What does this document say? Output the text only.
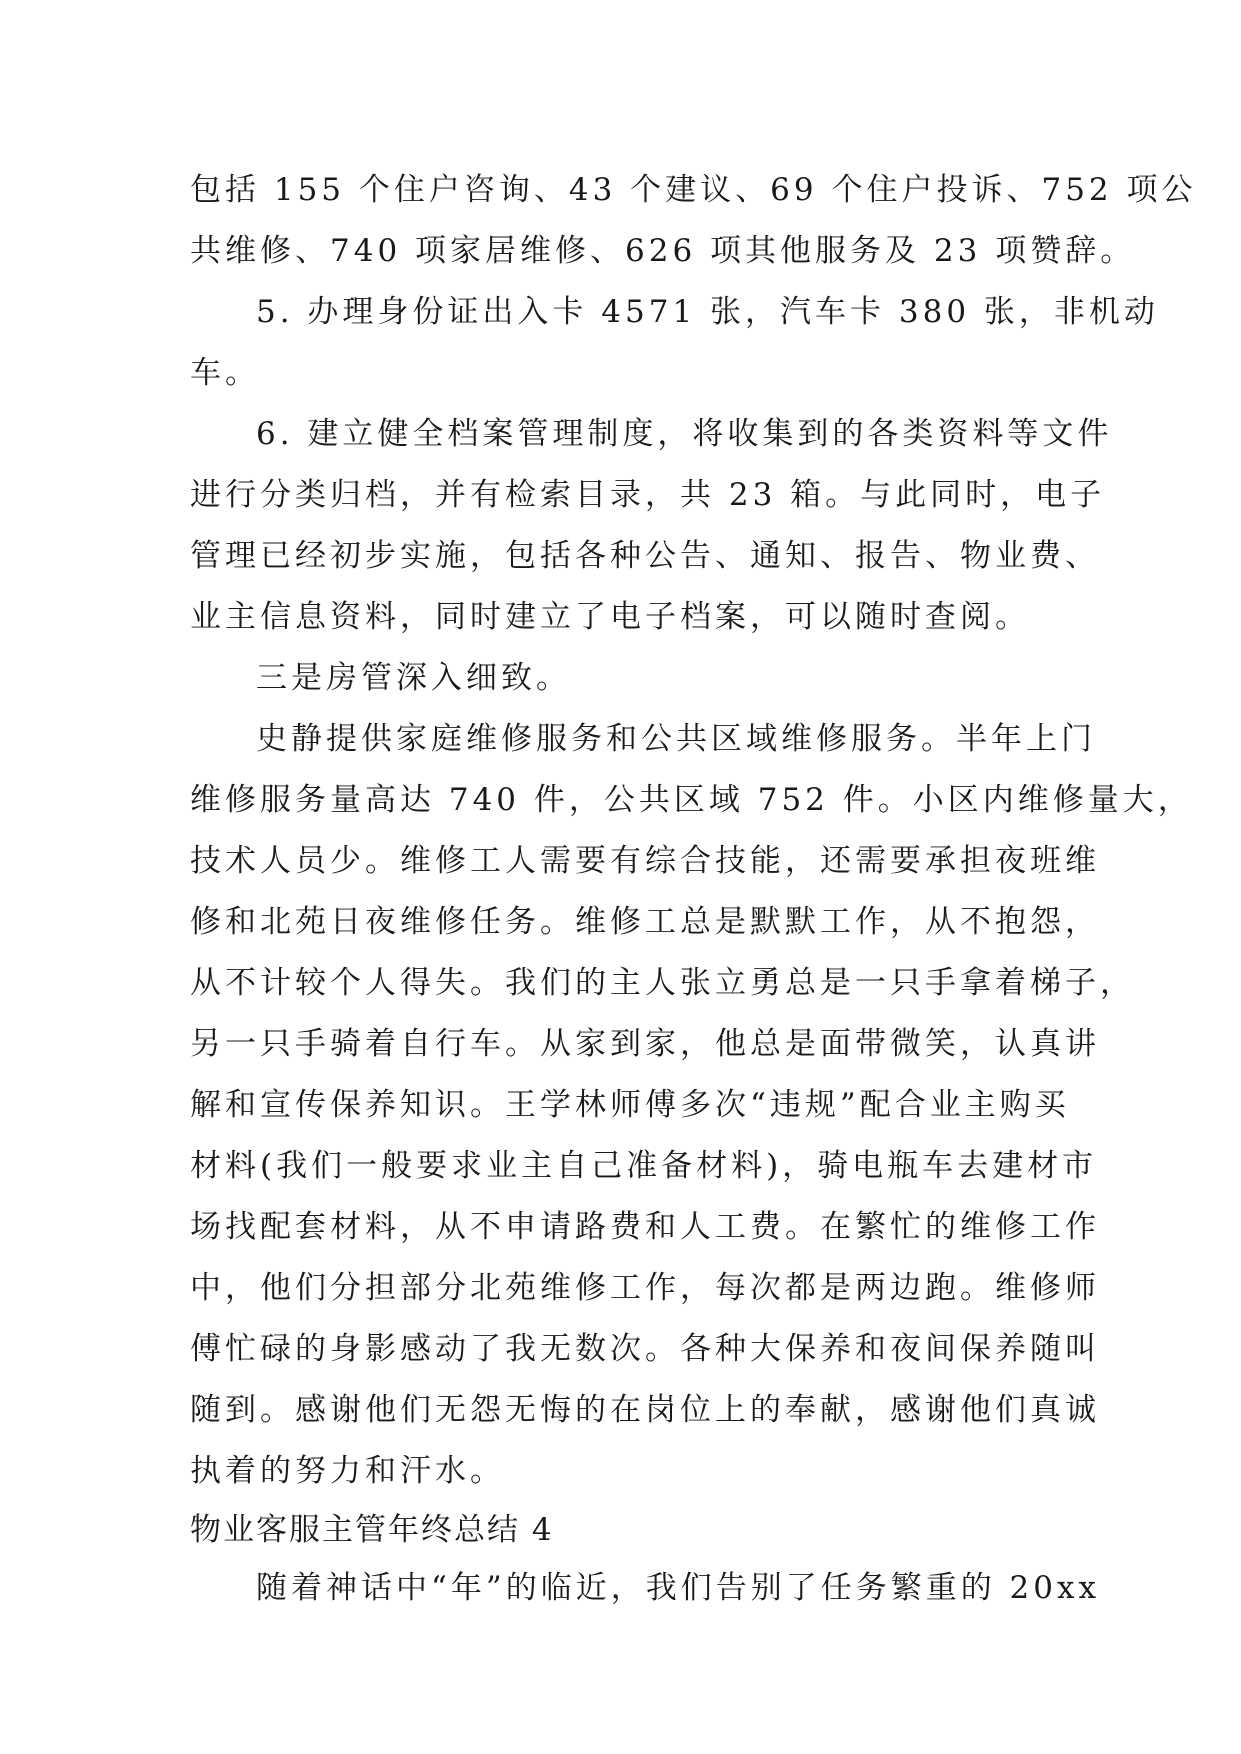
包括 155 个住户咨询、43 个建议、69 个住户投诉、752 项公
共维修、740 项家居维修、626 项其他服务及 23 项赞辞。
5. 办理身份证出入卡 4571 张，汽车卡 380 张，非机动
车。
6. 建立健全档案管理制度，将收集到的各类资料等文件
进行分类归档，并有检索目录，共 23 箱。与此同时，电子
管理已经初步实施，包括各种公告、通知、报告、物业费、
业主信息资料，同时建立了电子档案，可以随时查阅。
三是房管深入细致。
史静提供家庭维修服务和公共区域维修服务。半年上门
维修服务量高达 740 件，公共区域 752 件。小区内维修量大，
技术人员少。维修工人需要有综合技能，还需要承担夜班维
修和北苑日夜维修任务。维修工总是默默工作，从不抱怨，
从不计较个人得失。我们的主人张立勇总是一只手拿着梯子，
另一只手骑着自行车。从家到家，他总是面带微笑，认真讲
解和宣传保养知识。王学林师傅多次“违规”配合业主购买
材料(我们一般要求业主自己准备材料)，骑电瓶车去建材市
场找配套材料，从不申请路费和人工费。在繁忙的维修工作
中，他们分担部分北苑维修工作，每次都是两边跑。维修师
傅忙碌的身影感动了我无数次。各种大保养和夜间保养随叫
随到。感谢他们无怨无悔的在岗位上的奉献，感谢他们真诚
执着的努力和汗水。
物业客服主管年终总结 4
随着神话中“年”的临近，我们告别了任务繁重的 20xx
